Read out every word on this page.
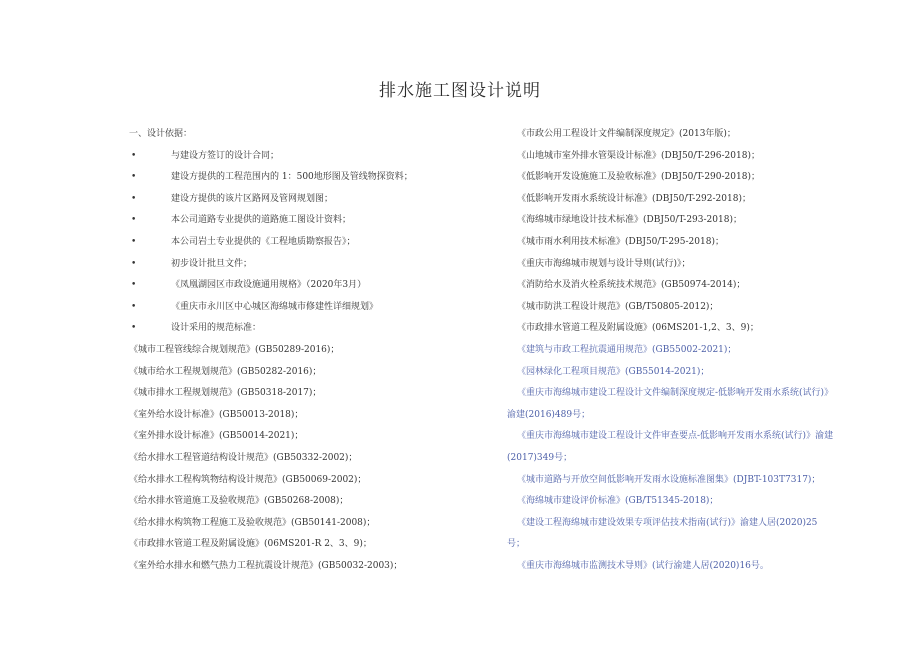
排水施工图设计说明
一、设计依据：
•	与建设方签订的设计合同；
•	建设方提供的工程范围内的 1：500地形图及管线物探资料；
•	建设方提供的该片区路网及管网规划图；
•	本公司道路专业提供的道路施工图设计资料；
•	本公司岩土专业提供的《工程地质勘察报告》；
•	初步设计批旦文件；
•	《凤凰湖园区市政设施通用规格》（2020年3月）
•	《重庆市永川区中心城区海绵城市修建性详细规划》
•	设计采用的规范标准：
《城市工程管线综合规划规范》(GB50289-2016)；
《城市给水工程规划规范》(GB50282-2016)；
《城市排水工程规划规范》(GB50318-2017)；
《室外给水设计标准》(GB50013-2018)；
《室外排水设计标准》(GB50014-2021)；
《给水排水工程管道结构设计规范》(GB50332-2002)；
《给水排水工程构筑物结构设计规范》(GB50069-2002)；
《给水排水管道施工及验收规范》(GB50268-2008)；
《给水排水构筑物工程施工及验收规范》(GB50141-2008)；
《市政排水管道工程及附属设施》(06MS201-R 2、3、9)；
《室外给水排水和燃气热力工程抗震设计规范》(GB50032-2003)；
《市政公用工程设计文件编制深度规定》(2013年版)；
《山地城市室外排水管渠设计标准》(DBJ50/T-296-2018)；
《低影响开发设施施工及验收标准》(DBJ50/T-290-2018)；
《低影响开发雨水系统设计标准》(DBJ50/T-292-2018)；
《海绵城市绿地设计技术标准》(DBJ50/T-293-2018)；
《城市雨水利用技术标准》(DBJ50/T-295-2018)；
《重庆市海绵城市规划与设计导则(试行)》；
《消防给水及消火栓系统技术规范》(GB50974-2014)；
《城市防洪工程设计规范》(GB/T50805-2012)；
《市政排水管道工程及附属设施》(06MS201-1,2、3、9)；
《建筑与市政工程抗震通用规范》(GB55002-2021)；
《园林绿化工程项目规范》(GB55014-2021)；
《重庆市海绵城市建设工程设计文件编制深度规定-低影响开发雨水系统(试行)》
渝建(2016)489号；
《重庆市海绵城市建设工程设计文件审查要点-低影响开发雨水系统(试行)》渝建
(2017)349号；
《城市道路与开放空间低影响开发雨水设施标准图集》(DJBT-103T7317)；
《海绵城市建设评价标准》(GB/T51345-2018)；
《建设工程海绵城市建设效果专项评估技术指南(试行)》渝建人居(2020)25
号；
《重庆市海绵城市监测技术导则》(试行渝建人居(2020)16号。
